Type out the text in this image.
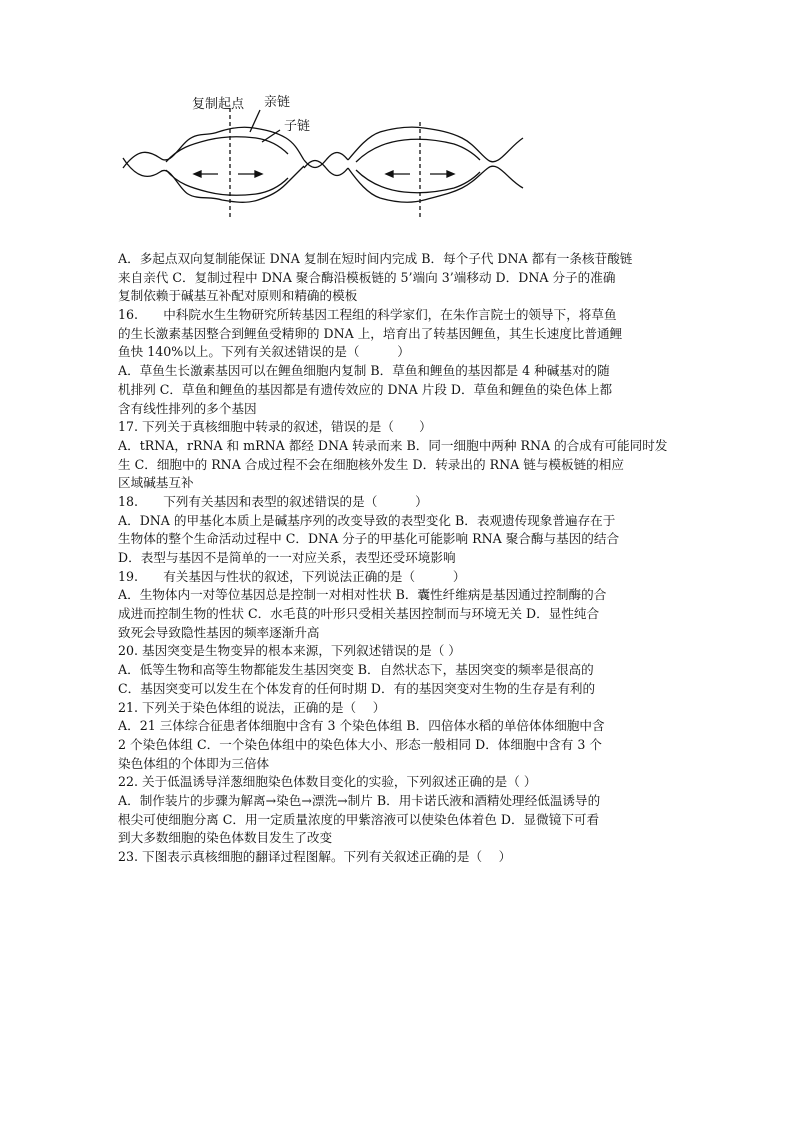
复制起点 亲链
子链
A．多起点双向复制能保证 DNA 复制在短时间内完成 B．每个子代 DNA 都有一条核苷酸链
来自亲代 C．复制过程中 DNA 聚合酶沿模板链的 5’端向 3’端移动 D．DNA 分子的准确
复制依赖于碱基互补配对原则和精确的模板
16.　　中科院水生生物研究所转基因工程组的科学家们，在朱作言院士的领导下，将草鱼
的生长激素基因整合到鲤鱼受精卵的 DNA 上，培育出了转基因鲤鱼，其生长速度比普通鲤
鱼快 140%以上。下列有关叙述错误的是（　　　）
A．草鱼生长激素基因可以在鲤鱼细胞内复制 B．草鱼和鲤鱼的基因都是 4 种碱基对的随
机排列 C．草鱼和鲤鱼的基因都是有遗传效应的 DNA 片段 D．草鱼和鲤鱼的染色体上都
含有线性排列的多个基因
17. 下列关于真核细胞中转录的叙述，错误的是（　　）
A．tRNA，rRNA 和 mRNA 都经 DNA 转录而来 B．同一细胞中两种 RNA 的合成有可能同时发
生 C．细胞中的 RNA 合成过程不会在细胞核外发生 D．转录出的 RNA 链与模板链的相应
区域碱基互补
18.　　下列有关基因和表型的叙述错误的是（　　　）
A．DNA 的甲基化本质上是碱基序列的改变导致的表型变化 B．表观遗传现象普遍存在于
生物体的整个生命活动过程中 C．DNA 分子的甲基化可能影响 RNA 聚合酶与基因的结合
D．表型与基因不是简单的一一对应关系，表型还受环境影响
19.　　有关基因与性状的叙述，下列说法正确的是（　　　）
A．生物体内一对等位基因总是控制一对相对性状 B．囊性纤维病是基因通过控制酶的合
成进而控制生物的性状 C．水毛茛的叶形只受相关基因控制而与环境无关 D．显性纯合
致死会导致隐性基因的频率逐渐升高
20. 基因突变是生物变异的根本来源，下列叙述错误的是（ ）
A．低等生物和高等生物都能发生基因突变 B．自然状态下，基因突变的频率是很高的
C．基因突变可以发生在个体发育的任何时期 D．有的基因突变对生物的生存是有利的
21. 下列关于染色体组的说法，正确的是（　 ）
A．21 三体综合征患者体细胞中含有 3 个染色体组 B．四倍体水稻的单倍体体细胞中含
2 个染色体组 C．一个染色体组中的染色体大小、形态一般相同 D．体细胞中含有 3 个
染色体组的个体即为三倍体
22. 关于低温诱导洋葱细胞染色体数目变化的实验，下列叙述正确的是（ ）
A．制作装片的步骤为解离→染色→漂洗→制片 B．用卡诺氏液和酒精处理经低温诱导的
根尖可使细胞分离 C．用一定质量浓度的甲紫溶液可以使染色体着色 D．显微镜下可看
到大多数细胞的染色体数目发生了改变
23. 下图表示真核细胞的翻译过程图解。下列有关叙述正确的是（　 ）
